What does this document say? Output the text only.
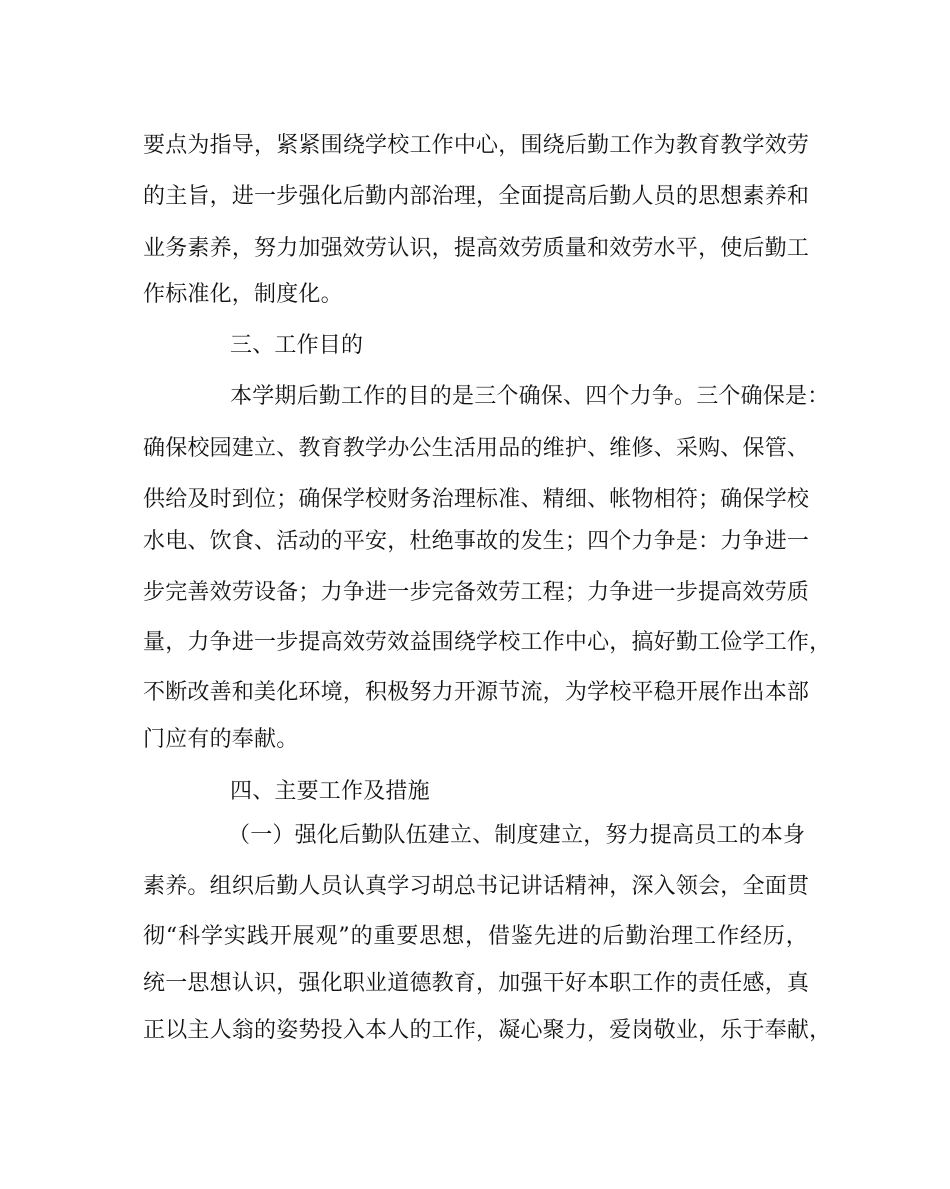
要 点 为 指 导 ， 紧 紧 围 绕 学 校 工 作 中 心 ， 围 绕 后 勤 工 作 为 教 育 教 学 效 劳
的 主 旨 ， 进 一 步 强 化 后 勤 内 部 治 理 ， 全 面 提 高 后 勤 人 员 的 思 想 素 养 和
业 务 素 养 ， 努 力 加 强 效 劳 认 识 ， 提 高 效 劳 质 量 和 效 劳 水 平 ， 使 后 勤 工
作标准化，制度化。
三、工作目的
本学期后勤工作的目的是三个确保、四个力争。三个确保是：
确 保 校 园 建 立 、 教 育 教 学 办 公 生 活 用 品 的 维 护 、 维 修 、 采 购 、 保 管 、
供 给 及 时 到 位 ； 确 保 学 校 财 务 治 理 标 准 、 精 细 、 帐 物 相 符 ； 确 保 学 校
水 电 、 饮 食 、 活 动 的 平 安 ， 杜 绝 事 故 的 发 生 ； 四 个 力 争 是 ： 力 争 进 一
步 完 善 效 劳 设 备 ； 力 争 进 一 步 完 备 效 劳 工 程 ； 力 争 进 一 步 提 高 效 劳 质
量 ， 力 争 进 一 步 提 高 效 劳 效 益 围 绕 学 校 工 作 中 心 ， 搞 好 勤 工 俭 学 工 作 ，
不 断 改 善 和 美 化 环 境 ， 积 极 努 力 开 源 节 流 ， 为 学 校 平 稳 开 展 作 出 本 部
门应有的奉献。
四、主要工作及措施
（一）强化后勤队伍建立、制度建立，努力提高员工的本身
素 养 。 组 织 后 勤 人 员 认 真 学 习 胡 总 书 记 讲 话 精 神 ， 深 入 领 会 ， 全 面 贯
彻 “ 科 学 实 践 开 展 观 ” 的 重 要 思 想 ， 借 鉴 先 进 的 后 勤 治 理 工 作 经 历 ，
统 一 思 想 认 识 ， 强 化 职 业 道 德 教 育 ， 加 强 干 好 本 职 工 作 的 责 任 感 ， 真
正 以 主 人 翁 的 姿 势 投 入 本 人 的 工 作 ， 凝 心 聚 力 ， 爱 岗 敬 业 ， 乐 于 奉 献 ，
